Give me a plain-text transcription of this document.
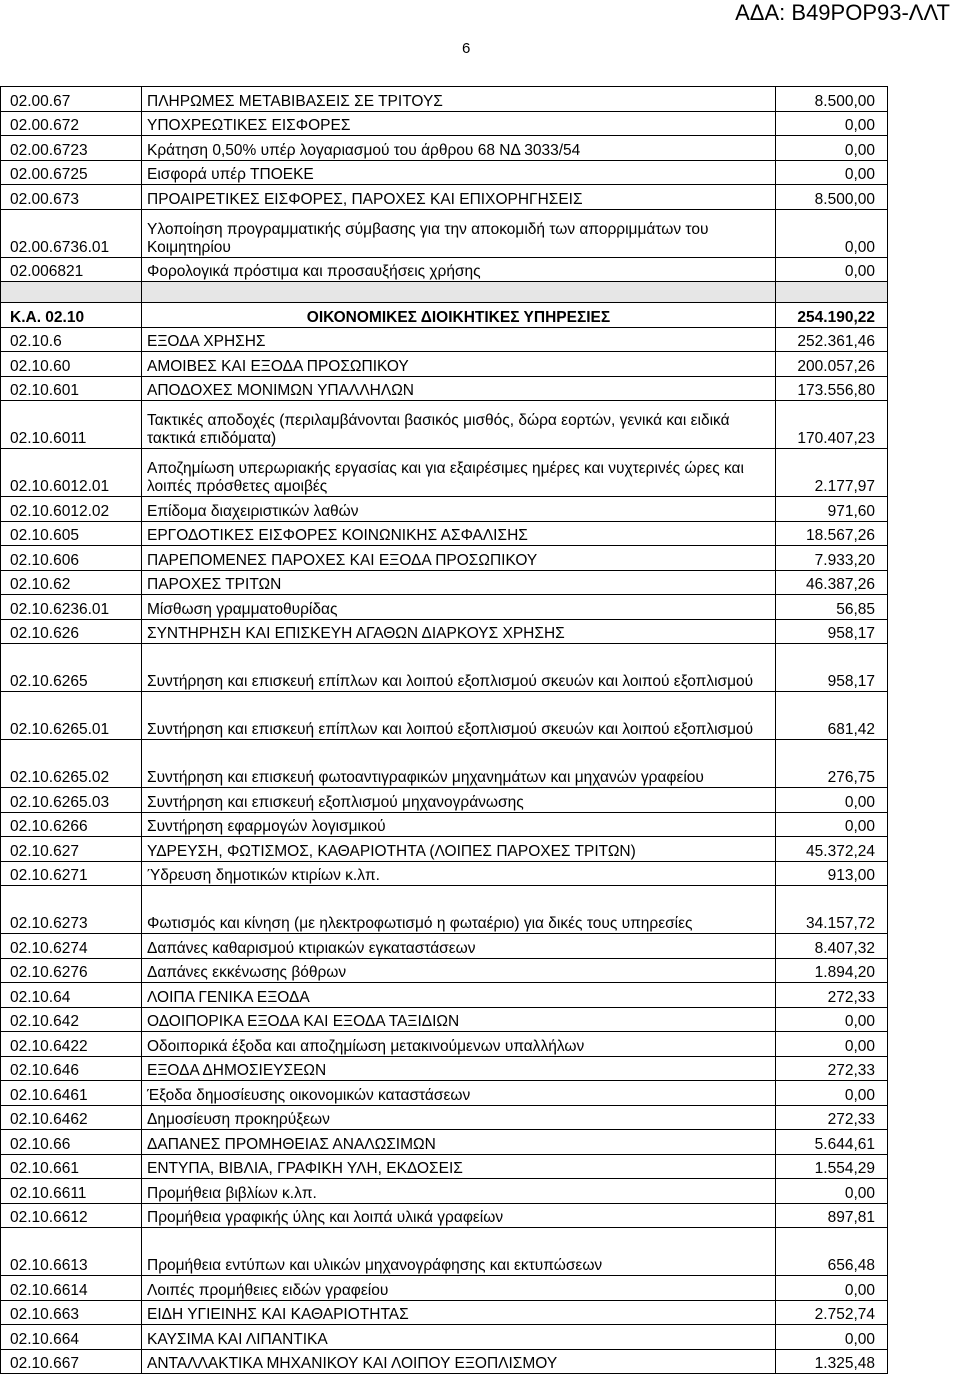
ΑΔΑ: Β49ΡΟΡ93-ΛΛΤ
6
02.00.67	ΠΛΗΡΩΜΕΣ ΜΕΤΑΒΙΒΑΣΕΙΣ ΣΕ ΤΡΙΤΟΥΣ	8.500,00
02.00.672	ΥΠΟΧΡΕΩΤΙΚΕΣ ΕΙΣΦΟΡΕΣ	0,00
02.00.6723	Κράτηση 0,50% υπέρ λογαριασμού του άρθρου 68 ΝΔ 3033/54	0,00
02.00.6725	Εισφορά υπέρ ΤΠΟΕΚΕ	0,00
02.00.673	ΠΡΟΑΙΡΕΤΙΚΕΣ ΕΙΣΦΟΡΕΣ, ΠΑΡΟΧΕΣ ΚΑΙ ΕΠΙΧΟΡΗΓΗΣΕΙΣ	8.500,00
02.00.6736.01	Υλοποίηση προγραμματικής σύμβασης για την αποκομιδή των απορριμμάτων του Κοιμητηρίου	0,00
02.006821	Φορολογικά πρόστιμα και προσαυξήσεις χρήσης	0,00

Κ.Α. 02.10	ΟΙΚΟΝΟΜΙΚΕΣ ΔΙΟΙΚΗΤΙΚΕΣ ΥΠΗΡΕΣΙΕΣ	254.190,22
02.10.6	ΕΞΟΔΑ ΧΡΗΣΗΣ	252.361,46
02.10.60	ΑΜΟΙΒΕΣ ΚΑΙ ΕΞΟΔΑ ΠΡΟΣΩΠΙΚΟΥ	200.057,26
02.10.601	ΑΠΟΔΟΧΕΣ ΜΟΝΙΜΩΝ ΥΠΑΛΛΗΛΩΝ	173.556,80
02.10.6011	Τακτικές αποδοχές (περιλαμβάνονται βασικός μισθός, δώρα εορτών, γενικά και ειδικά τακτικά επιδόματα)	170.407,23
02.10.6012.01	Αποζημίωση υπερωριακής εργασίας και για εξαιρέσιμες ημέρες και νυχτερινές ώρες και λοιπές πρόσθετες αμοιβές	2.177,97
02.10.6012.02	Επίδομα διαχειριστικών λαθών	971,60
02.10.605	ΕΡΓΟΔΟΤΙΚΕΣ ΕΙΣΦΟΡΕΣ ΚΟΙΝΩΝΙΚΗΣ ΑΣΦΑΛΙΣΗΣ	18.567,26
02.10.606	ΠΑΡΕΠΟΜΕΝΕΣ ΠΑΡΟΧΕΣ ΚΑΙ ΕΞΟΔΑ ΠΡΟΣΩΠΙΚΟΥ	7.933,20
02.10.62	ΠΑΡΟΧΕΣ ΤΡΙΤΩΝ	46.387,26
02.10.6236.01	Μίσθωση γραμματοθυρίδας	56,85
02.10.626	ΣΥΝΤΗΡΗΣΗ ΚΑΙ ΕΠΙΣΚΕΥΗ ΑΓΑΘΩΝ ΔΙΑΡΚΟΥΣ ΧΡΗΣΗΣ	958,17
02.10.6265	Συντήρηση και επισκευή επίπλων και λοιπού εξοπλισμού σκευών και λοιπού εξοπλισμού	958,17
02.10.6265.01	Συντήρηση και επισκευή επίπλων και λοιπού εξοπλισμού σκευών και λοιπού εξοπλισμού	681,42
02.10.6265.02	Συντήρηση και επισκευή φωτοαντιγραφικών μηχανημάτων και μηχανών γραφείου	276,75
02.10.6265.03	Συντήρηση και επισκευή εξοπλισμού μηχανογράνωσης	0,00
02.10.6266	Συντήρηση εφαρμογών λογισμικού	0,00
02.10.627	ΥΔΡΕΥΣΗ, ΦΩΤΙΣΜΟΣ, ΚΑΘΑΡΙΟΤΗΤΑ (ΛΟΙΠΕΣ ΠΑΡΟΧΕΣ ΤΡΙΤΩΝ)	45.372,24
02.10.6271	Ύδρευση δημοτικών κτιρίων κ.λπ.	913,00
02.10.6273	Φωτισμός και κίνηση (με ηλεκτροφωτισμό η φωταέριο) για δικές τους υπηρεσίες	34.157,72
02.10.6274	Δαπάνες καθαρισμού κτιριακών εγκαταστάσεων	8.407,32
02.10.6276	Δαπάνες εκκένωσης βόθρων	1.894,20
02.10.64	ΛΟΙΠΑ ΓΕΝΙΚΑ ΕΞΟΔΑ	272,33
02.10.642	ΟΔΟΙΠΟΡΙΚΑ ΕΞΟΔΑ ΚΑΙ ΕΞΟΔΑ ΤΑΞΙΔΙΩΝ	0,00
02.10.6422	Οδοιπορικά έξοδα και αποζημίωση μετακινούμενων υπαλλήλων	0,00
02.10.646	ΕΞΟΔΑ ΔΗΜΟΣΙΕΥΣΕΩΝ	272,33
02.10.6461	Έξοδα δημοσίευσης οικονομικών καταστάσεων	0,00
02.10.6462	Δημοσίευση προκηρύξεων	272,33
02.10.66	ΔΑΠΑΝΕΣ ΠΡΟΜΗΘΕΙΑΣ ΑΝΑΛΩΣΙΜΩΝ	5.644,61
02.10.661	ΕΝΤΥΠΑ, ΒΙΒΛΙΑ, ΓΡΑΦΙΚΗ ΥΛΗ, ΕΚΔΟΣΕΙΣ	1.554,29
02.10.6611	Προμήθεια βιβλίων κ.λπ.	0,00
02.10.6612	Προμήθεια γραφικής ύλης και λοιπά υλικά γραφείων	897,81
02.10.6613	Προμήθεια εντύπων και υλικών μηχανογράφησης και εκτυπώσεων	656,48
02.10.6614	Λοιπές προμήθειες ειδών γραφείου	0,00
02.10.663	ΕΙΔΗ ΥΓΙΕΙΝΗΣ ΚΑΙ ΚΑΘΑΡΙΟΤΗΤΑΣ	2.752,74
02.10.664	ΚΑΥΣΙΜΑ ΚΑΙ ΛΙΠΑΝΤΙΚΑ	0,00
02.10.667	ΑΝΤΑΛΛΑΚΤΙΚΑ ΜΗΧΑΝΙΚΟΥ ΚΑΙ ΛΟΙΠΟΥ ΕΞΟΠΛΙΣΜΟΥ	1.325,48
